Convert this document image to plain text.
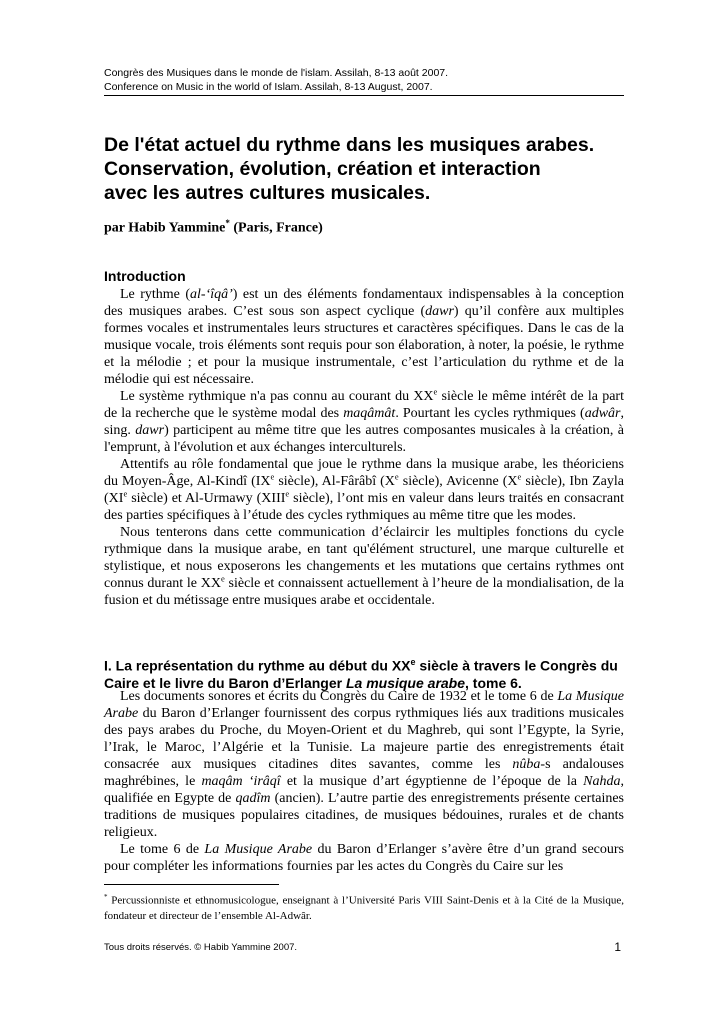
Congrès des Musiques dans le monde de l'islam. Assilah, 8-13 août 2007.
Conference on Music in the world of Islam. Assilah, 8-13 August, 2007.
De l'état actuel du rythme dans les musiques arabes.
Conservation, évolution, création et interaction
avec les autres cultures musicales.
par Habib Yammine* (Paris, France)
Introduction

Le rythme (al-‘îqâ’) est un des éléments fondamentaux indispensables à la conception des musiques arabes. C’est sous son aspect cyclique (dawr) qu’il confère aux multiples formes vocales et instrumentales leurs structures et caractères spécifiques. Dans le cas de la musique vocale, trois éléments sont requis pour son élaboration, à noter, la poésie, le rythme et la mélodie ; et pour la musique instrumentale, c’est l’articulation du rythme et de la mélodie qui est nécessaire.

Le système rythmique n'a pas connu au courant du XXe siècle le même intérêt de la part de la recherche que le système modal des maqâmât. Pourtant les cycles rythmiques (adwâr, sing. dawr) participent au même titre que les autres composantes musicales à la création, à l'emprunt, à l'évolution et aux échanges interculturels.

Attentifs au rôle fondamental que joue le rythme dans la musique arabe, les théoriciens du Moyen-Âge, Al-Kindî (IXe siècle), Al-Fârâbî (Xe siècle), Avicenne (Xe siècle), Ibn Zayla (XIe siècle) et Al-Urmawy (XIIIe siècle), l’ont mis en valeur dans leurs traités en consacrant des parties spécifiques à l’étude des cycles rythmiques au même titre que les modes.

Nous tenterons dans cette communication d’éclaircir les multiples fonctions du cycle rythmique dans la musique arabe, en tant qu'élément structurel, une marque culturelle et stylistique, et nous exposerons les changements et les mutations que certains rythmes ont connus durant le XXe siècle et connaissent actuellement à l’heure de la mondialisation, de la fusion et du métissage entre musiques arabe et occidentale.

I. La représentation du rythme au début du XXe siècle à travers le Congrès du Caire et le livre du Baron d’Erlanger La musique arabe, tome 6.

Les documents sonores et écrits du Congrès du Caire de 1932 et le tome 6 de La Musique Arabe du Baron d’Erlanger fournissent des corpus rythmiques liés aux traditions musicales des pays arabes du Proche, du Moyen-Orient et du Maghreb, qui sont l’Egypte, la Syrie, l’Irak, le Maroc, l’Algérie et la Tunisie. La majeure partie des enregistrements était consacrée aux musiques citadines dites savantes, comme les nûba-s andalouses maghrébines, le maqâm ‘irâqî et la musique d’art égyptienne de l’époque de la Nahda, qualifiée en Egypte de qadîm (ancien). L’autre partie des enregistrements présente certaines traditions de musiques populaires citadines, de musiques bédouines, rurales et de chants religieux.

Le tome 6 de La Musique Arabe du Baron d’Erlanger s’avère être d’un grand secours pour compléter les informations fournies par les actes du Congrès du Caire sur les

* Percussionniste et ethnomusicologue, enseignant à l’Université Paris VIII Saint-Denis et à la Cité de la Musique, fondateur et directeur de l’ensemble Al-Adwâr.
Tous droits réservés. © Habib Yammine 2007.	1
